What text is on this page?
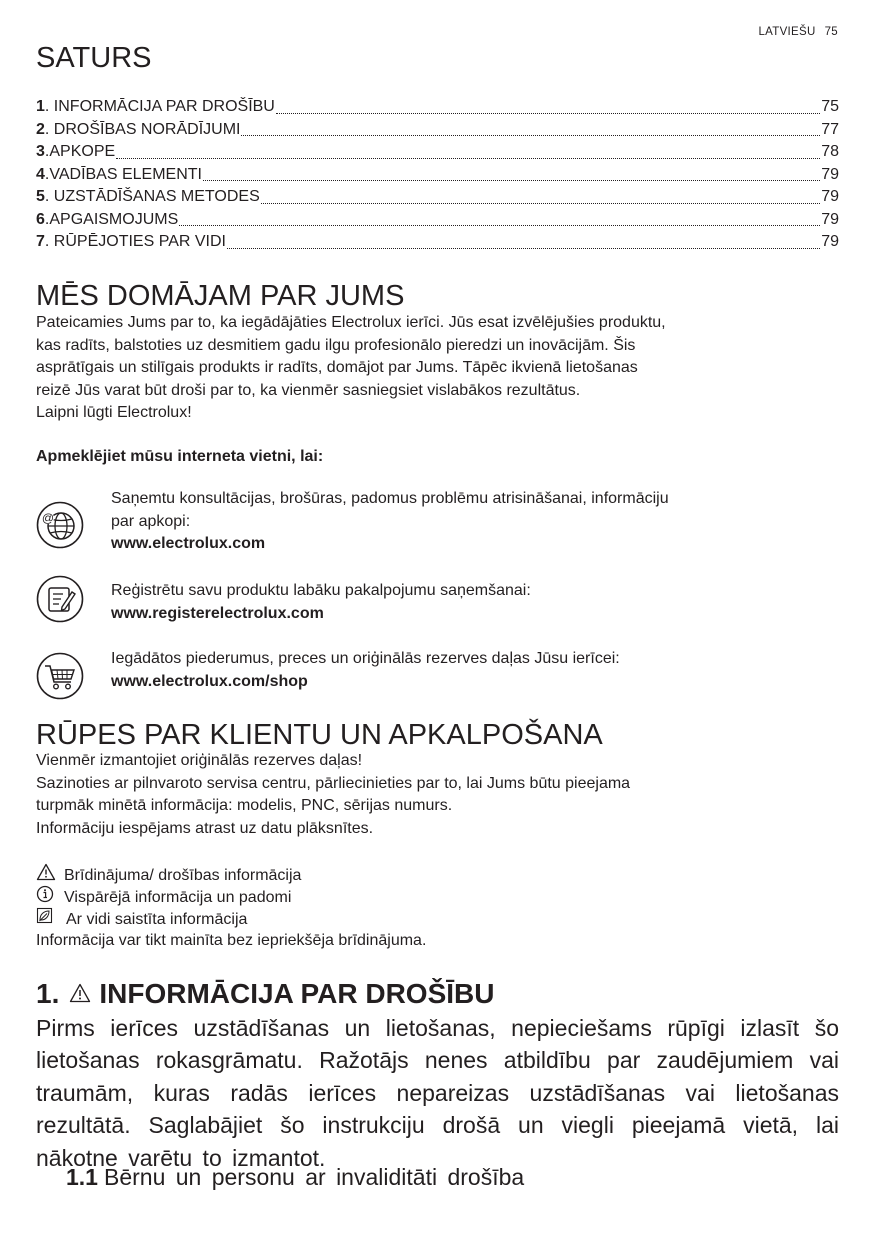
LATVIEŠU 75
SATURS
1 . INFORMĀCIJA PAR DROŠĪBU	75
2 . DROŠĪBAS NORĀDĪJUMI	77
3 .APKOPE	78
4 .VADĪBAS ELEMENTI	79
5 . UZSTĀDĪŠANAS METODES	79
6 .APGAISMOJUMS	79
7 . RŪPĒJOTIES PAR VIDI	79
MĒS DOMĀJAM PAR JUMS

Pateicamies Jums par to, ka iegādājāties Electrolux ierīci. Jūs esat izvēlējušies produktu,
kas radīts, balstoties uz desmitiem gadu ilgu profesionālo pieredzi un inovācijām. Šis
asprātīgais un stilīgais produkts ir radīts, domājot par Jums. Tāpēc ikvienā lietošanas
reizē Jūs varat būt droši par to, ka vienmēr sasniegsiet vislabākos rezultātus.
Laipni lūgti Electrolux!

Apmeklējiet mūsu interneta vietni, lai:
@
Saņemtu konsultācijas, brošūras, padomus problēmu atrisināšanai, informāciju
par apkopi:
www.electrolux.com
Reģistrētu savu produktu labāku pakalpojumu saņemšanai:
www.registerelectrolux.com
Iegādātos piederumus, preces un oriģinālās rezerves daļas Jūsu ierīcei:
www.electrolux.com/shop
RŪPES PAR KLIENTU UN APKALPOŠANA

Vienmēr izmantojiet oriģinālās rezerves daļas!
Sazinoties ar pilnvaroto servisa centru, pārliecinieties par to, lai Jums būtu pieejama
turpmāk minētā informācija: modelis, PNC, sērijas numurs.
Informāciju iespējams atrast uz datu plāksnītes.

Brīdinājuma/ drošības informācija
Vispārējā informācija un padomi
Ar vidi saistīta informācija
Informācija var tikt mainīta bez iepriekšēja brīdinājuma.
1. INFORMĀCIJA PAR DROŠĪBU

Pirms ierīces uzstādīšanas un lietošanas, nepieciešams rūpīgi izlasīt šo
lietošanas rokasgrāmatu. Ražotājs nenes atbildību par zaudējumiem vai
traumām, kuras radās ierīces nepareizas uzstādīšanas vai lietošanas
rezultātā. Saglabājiet šo instrukciju drošā un viegli pieejamā vietā, lai
nākotne varētu to izmantot.

1.1 Bērnu un personu ar invaliditāti drošība
